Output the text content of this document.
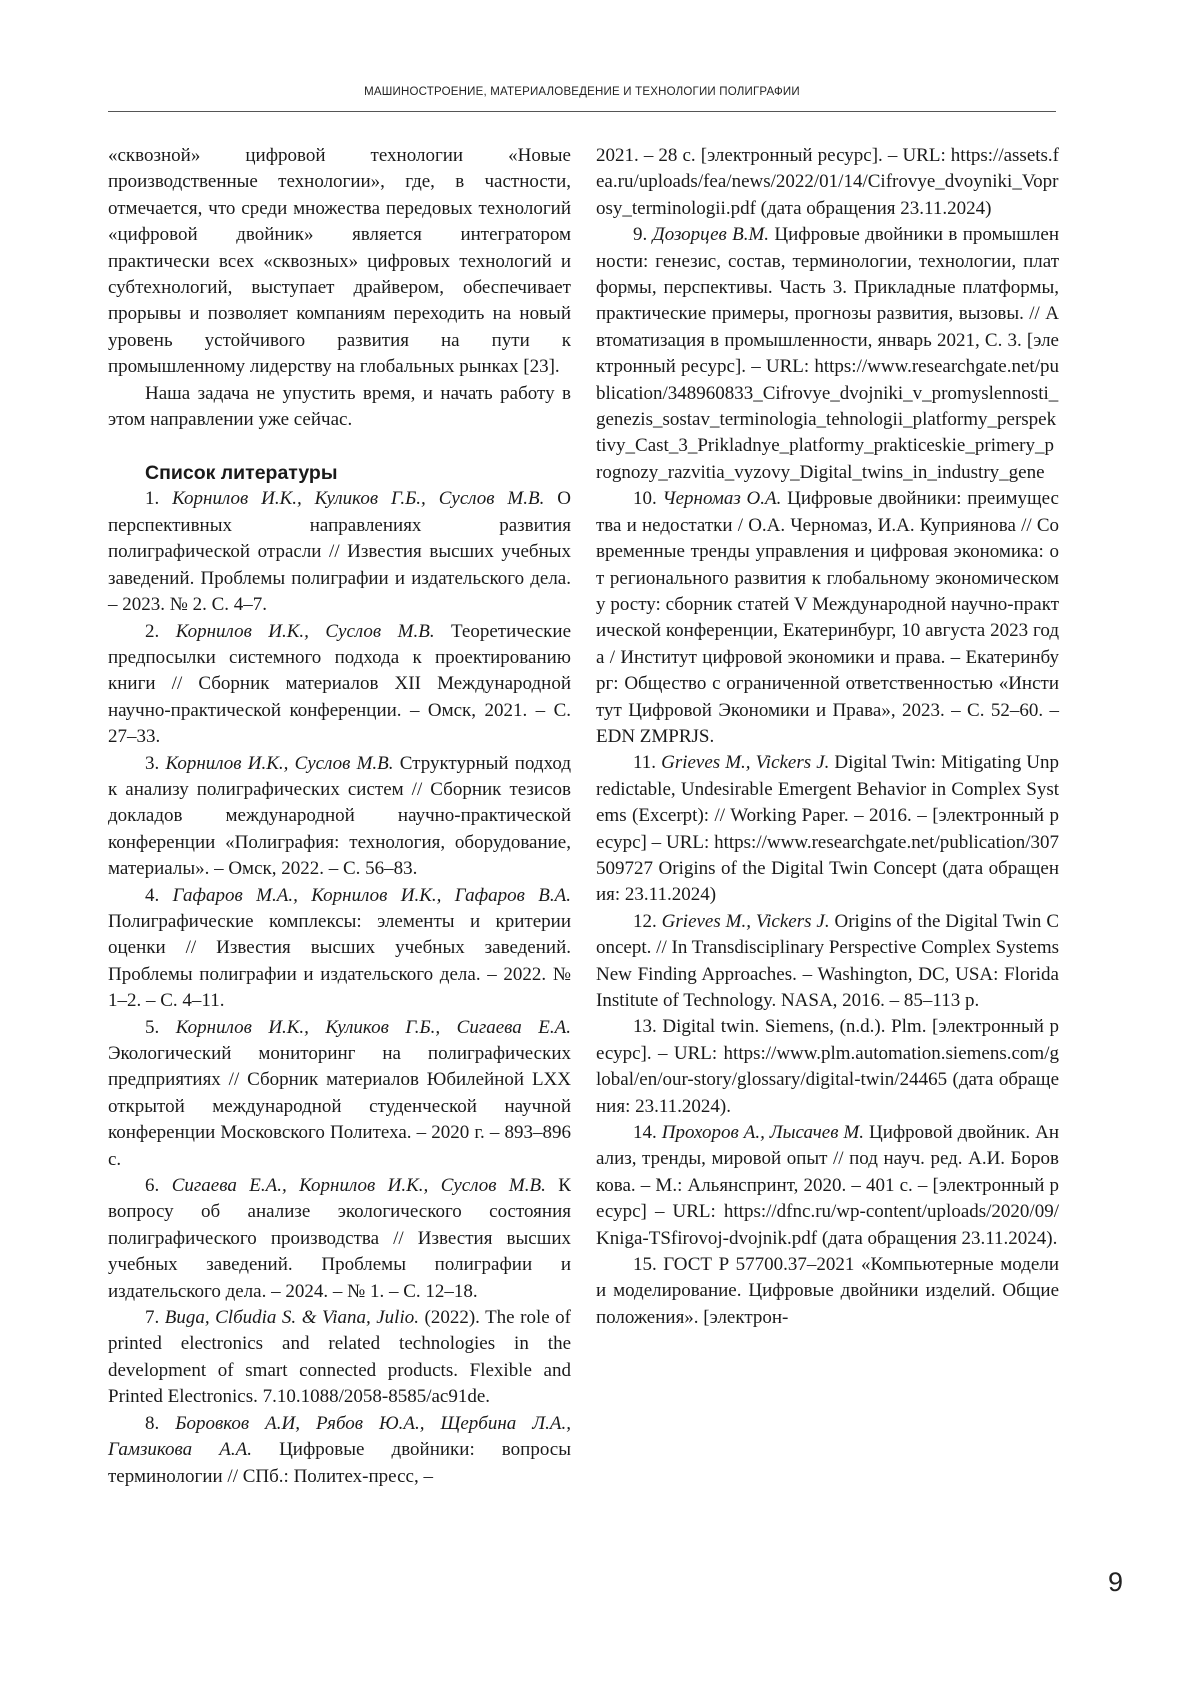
МАШИНОСТРОЕНИЕ, МАТЕРИАЛОВЕДЕНИЕ И ТЕХНОЛОГИИ ПОЛИГРАФИИ
«сквозной» цифровой технологии «Новые производственные технологии», где, в частности, отмечается, что среди множества передовых технологий «цифровой двойник» является интегратором практически всех «сквозных» цифровых технологий и субтехнологий, выступает драйвером, обеспечивает прорывы и позволяет компаниям переходить на новый уровень устойчивого развития на пути к промышленному лидерству на глобальных рынках [23].
Наша задача не упустить время, и начать работу в этом направлении уже сейчас.
Список литературы
1. Корнилов И.К., Куликов Г.Б., Суслов М.В. О перспективных направлениях развития полиграфической отрасли // Известия высших учебных заведений. Проблемы полиграфии и издательского дела. – 2023. № 2. С. 4–7.
2. Корнилов И.К., Суслов М.В. Теоретические предпосылки системного подхода к проектированию книги // Сборник материалов XII Международной научно-практической конференции. – Омск, 2021. – С. 27–33.
3. Корнилов И.К., Суслов М.В. Структурный подход к анализу полиграфических систем // Сборник тезисов докладов международной научно-практической конференции «Полиграфия: технология, оборудование, материалы». – Омск, 2022. – С. 56–83.
4. Гафаров М.А., Корнилов И.К., Гафаров В.А. Полиграфические комплексы: элементы и критерии оценки // Известия высших учебных заведений. Проблемы полиграфии и издательского дела. – 2022. № 1–2. – С. 4–11.
5. Корнилов И.К., Куликов Г.Б., Сигаева Е.А. Экологический мониторинг на полиграфических предприятиях // Сборник материалов Юбилейной LXX открытой международной студенческой научной конференции Московского Политеха. – 2020 г. – 893–896 с.
6. Сигаева Е.А., Корнилов И.К., Суслов М.В. К вопросу об анализе экологического состояния полиграфического производства // Известия высших учебных заведений. Проблемы полиграфии и издательского дела. – 2024. – № 1. – С. 12–18.
7. Buga, Clбudia S. & Viana, Julio. (2022). The role of printed electronics and related technologies in the development of smart connected products. Flexible and Printed Electronics. 7.10.1088/2058-8585/ac91de.
8. Боровков А.И, Рябов Ю.А., Щербина Л.А., Гамзикова А.А. Цифровые двойники: вопросы терминологии // СПб.: Политех-пресс, –
2021. – 28 с. [электронный ресурс]. – URL: https://assets.fea.ru/uploads/fea/news/2022/01/14/Cifrovye_dvoyniki_Voprosy_terminologii.pdf (дата обращения 23.11.2024)
9. Дозорцев В.М. Цифровые двойники в промышленности: генезис, состав, терминологии, технологии, платформы, перспективы. Часть 3. Прикладные платформы, практические примеры, прогнозы развития, вызовы. // Автоматизация в промышленности, январь 2021, С. 3. [электронный ресурс]. – URL: https://www.researchgate.net/publication/348960833_Cifrovye_dvojniki_v_promyslennosti_genezis_sostav_terminologia_tehnologii_platformy_perspektivy_Cast_3_Prikladnye_platformy_prakticeskie_primery_prognozy_razvitia_vyzovy_Digital_twins_in_industry_gene
10. Черномаз О.А. Цифровые двойники: преимущества и недостатки / О.А. Черномаз, И.А. Куприянова // Современные тренды управления и цифровая экономика: от регионального развития к глобальному экономическому росту: сборник статей V Международной научно-практической конференции, Екатеринбург, 10 августа 2023 года / Институт цифровой экономики и права. – Екатеринбург: Общество с ограниченной ответственностью «Институт Цифровой Экономики и Права», 2023. – С. 52–60. – EDN ZMPRJS.
11. Grieves M., Vickers J. Digital Twin: Mitigating Unpredictable, Undesirable Emergent Behavior in Complex Systems (Excerpt): // Working Paper. – 2016. – [электронный ресурс] – URL: https://www.researchgate.net/publication/307509727 Origins of the Digital Twin Concept (дата обращения: 23.11.2024)
12. Grieves M., Vickers J. Origins of the Digital Twin Concept. // In Transdisciplinary Perspective Complex Systems New Finding Approaches. – Washington, DC, USA: Florida Institute of Technology. NASA, 2016. – 85–113 p.
13. Digital twin. Siemens, (n.d.). Plm. [электронный ресурс]. – URL: https://www.plm.automation.siemens.com/global/en/our-story/glossary/digital-twin/24465 (дата обращения: 23.11.2024).
14. Прохоров А., Лысачев М. Цифровой двойник. Анализ, тренды, мировой опыт // под науч. ред. А.И. Боровкова. – М.: Альянспринт, 2020. – 401 с. – [электронный ресурс] – URL: https://dfnc.ru/wp-content/uploads/2020/09/Kniga-TSfirovoj-dvojnik.pdf (дата обращения 23.11.2024).
15. ГОСТ Р 57700.37–2021 «Компьютерные модели и моделирование. Цифровые двойники изделий. Общие положения». [электрон-
9
